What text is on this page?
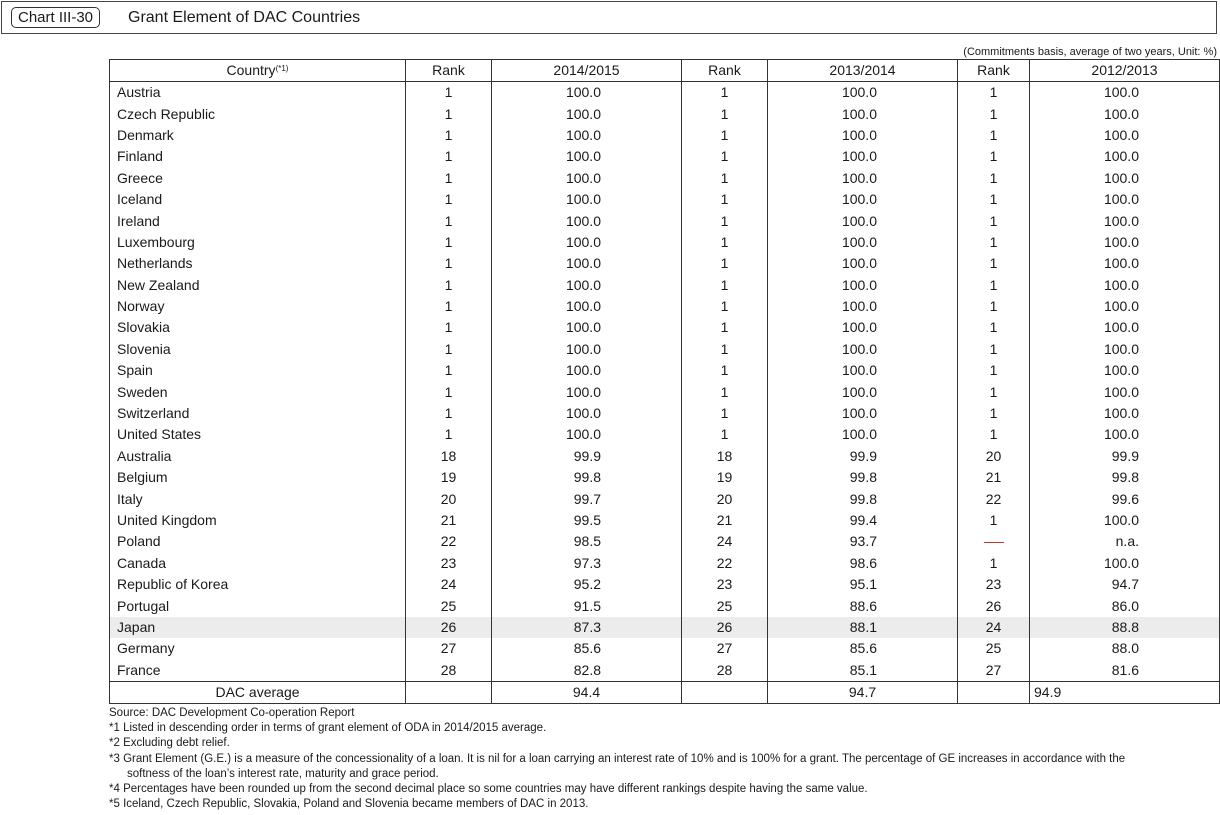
Chart III-30	Grant Element of DAC Countries
(Commitments basis, average of two years, Unit: %)
Country$^{(*1)}$	Rank	2014/2015	Rank	2013/2014	Rank	2012/2013
Austria	1	100.0	1	100.0	1	100.0
Czech Republic	1	100.0	1	100.0	1	100.0
Denmark	1	100.0	1	100.0	1	100.0
Finland	1	100.0	1	100.0	1	100.0
Greece	1	100.0	1	100.0	1	100.0
Iceland	1	100.0	1	100.0	1	100.0
Ireland	1	100.0	1	100.0	1	100.0
Luxembourg	1	100.0	1	100.0	1	100.0
Netherlands	1	100.0	1	100.0	1	100.0
New Zealand	1	100.0	1	100.0	1	100.0
Norway	1	100.0	1	100.0	1	100.0
Slovakia	1	100.0	1	100.0	1	100.0
Slovenia	1	100.0	1	100.0	1	100.0
Spain	1	100.0	1	100.0	1	100.0
Sweden	1	100.0	1	100.0	1	100.0
Switzerland	1	100.0	1	100.0	1	100.0
United States	1	100.0	1	100.0	1	100.0
Australia	18	99.9	18	99.9	20	99.9
Belgium	19	99.8	19	99.8	21	99.8
Italy	20	99.7	20	99.8	22	99.6
United Kingdom	21	99.5	21	99.4	1	100.0
Poland	22	98.5	24	93.7		n.a.
Canada	23	97.3	22	98.6	1	100.0
Republic of Korea	24	95.2	23	95.1	23	94.7
Portugal	25	91.5	25	88.6	26	86.0
Japan	26	87.3	26	88.1	24	88.8
Germany	27	85.6	27	85.6	25	88.0
France	28	82.8	28	85.1	27	81.6
DAC average		94.4		94.7		94.9

Source: DAC Development Co-operation Report

*1 Listed in descending order in terms of grant element of ODA in 2014/2015 average.

*2 Excluding debt relief.

*3 Grant Element (G.E.) is a measure of the concessionality of a loan. It is nil for a loan carrying an interest rate of 10% and is 100% for a grant. The percentage of GE increases in accordance with the

softness of the loan’s interest rate, maturity and grace period.

*4 Percentages have been rounded up from the second decimal place so some countries may have different rankings despite having the same value.

*5 Iceland, Czech Republic, Slovakia, Poland and Slovenia became members of DAC in 2013.
